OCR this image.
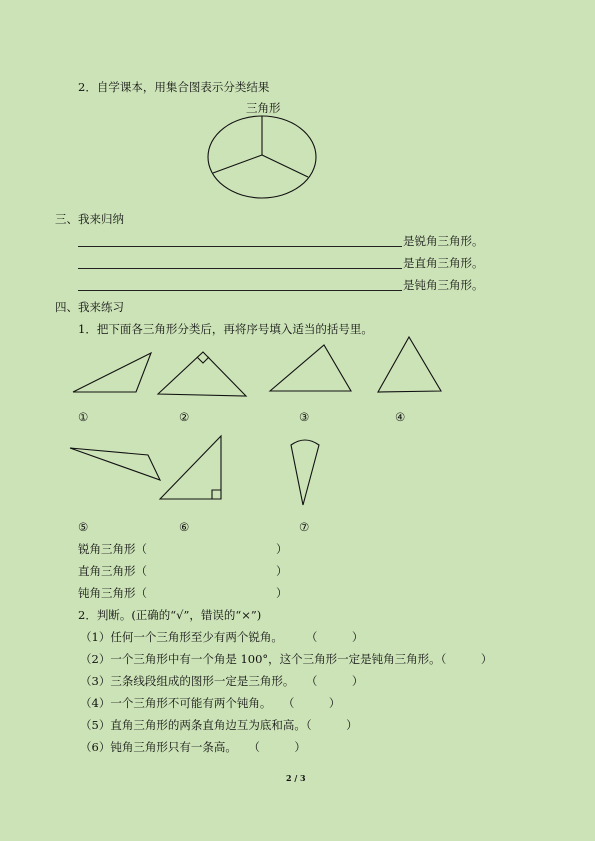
2．自学课本，用集合图表示分类结果
三角形
①	②	③	④
⑤	⑥	⑦
三、我来归纳
是锐角三角形。
是直角三角形。
是钝角三角形。
四、我来练习
1．把下面各三角形分类后，再将序号填入适当的括号里。
锐角三角形（	）
直角三角形（	）
钝角三角形（	）
2．判断。(正确的“√”，错误的“×”)
（1）任何一个三角形至少有两个锐角。　　　（　　　）
（2）一个三角形中有一个角是 100°，这个三角形一定是钝角三角形。（　　　）
（3）三条线段组成的图形一定是三角形。　　（　　　）
（4）一个三角形不可能有两个钝角。　　（　　　）
（5）直角三角形的两条直角边互为底和高。（　　　）
（6）钝角三角形只有一条高。　　（　　　）
2 / 3
